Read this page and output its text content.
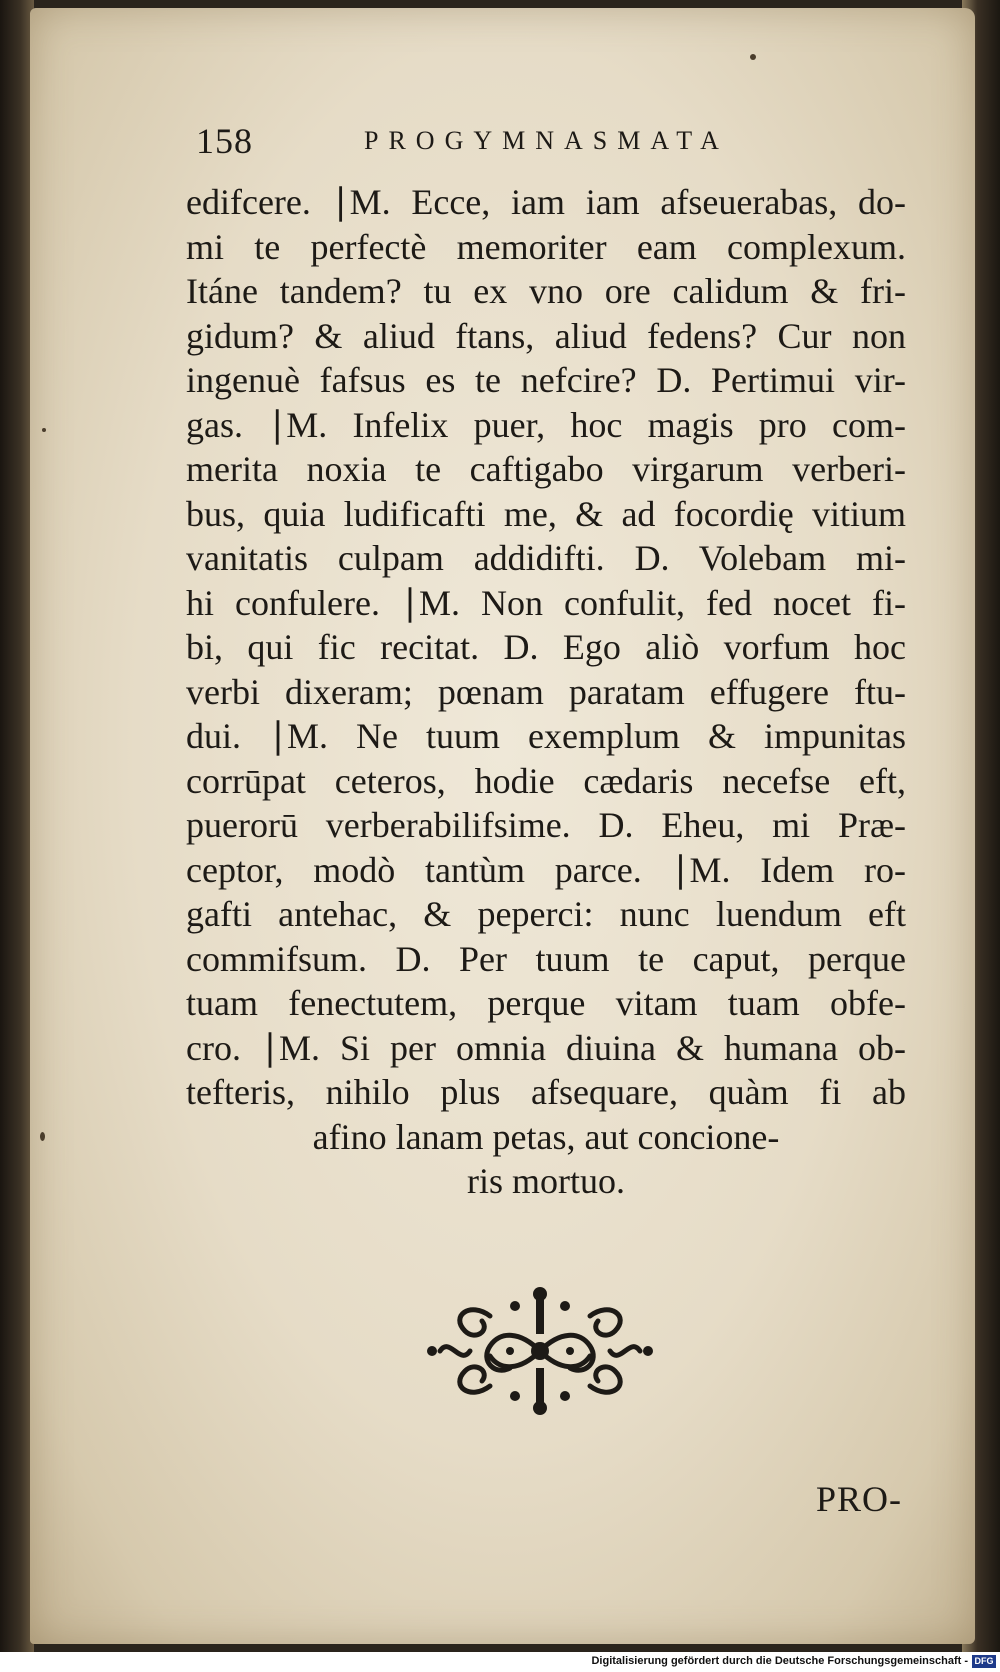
158	PROGYMNASMATA
edifcere. ∣M. Ecce, iam iam afseuerabas, do-
mi te perfectè memoriter eam complexum.
Itáne tandem? tu ex vno ore calidum & fri-
gidum? & aliud ftans, aliud fedens? Cur non
ingenuè fafsus es te nefcire? D. Pertimui vir-
gas. ∣M. Infelix puer, hoc magis pro com-
merita noxia te caftigabo virgarum verberi-
bus, quia ludificafti me, & ad focordię vitium
vanitatis culpam addidifti. D. Volebam mi-
hi confulere. ∣M. Non confulit, fed nocet fi-
bi, qui fic recitat. D. Ego aliò vorfum hoc
verbi dixeram; pœnam paratam effugere ftu-
dui. ∣M. Ne tuum exemplum & impunitas
corrūpat ceteros, hodie cædaris necefse eft,
puerorū verberabilifsime. D. Eheu, mi Præ-
ceptor, modò tantùm parce. ∣M. Idem ro-
gafti antehac, & peperci: nunc luendum eft
commifsum. D. Per tuum te caput, perque
tuam fenectutem, perque vitam tuam obfe-
cro. ∣M. Si per omnia diuina & humana ob-
tefteris, nihilo plus afsequare, quàm fi ab
afino lanam petas, aut concione-
ris mortuo.
PRO-
Digitalisierung gefördert durch die Deutsche Forschungsgemeinschaft - DFG
